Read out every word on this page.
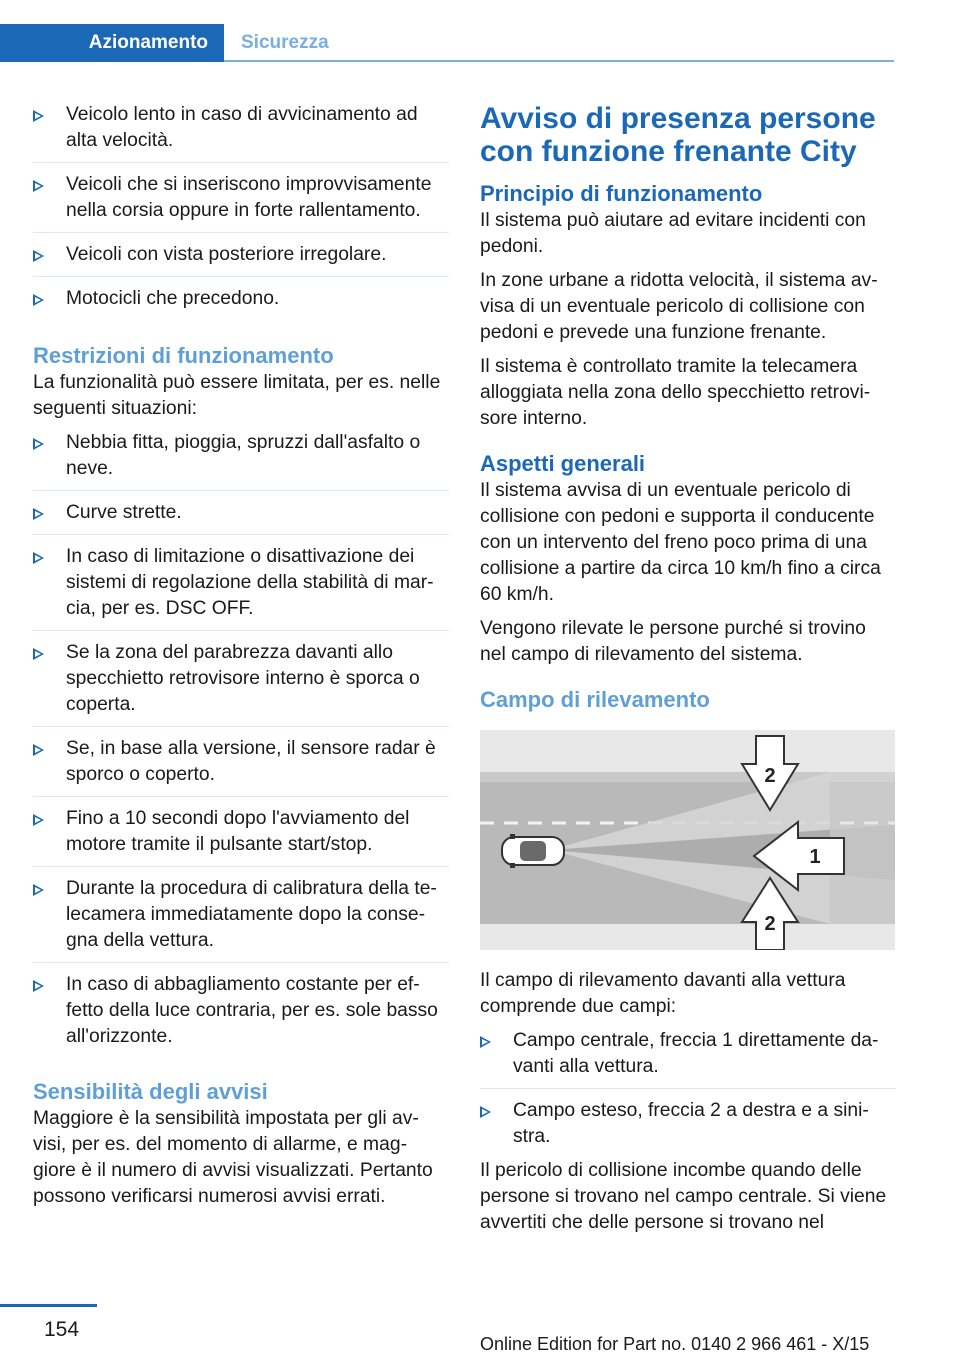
Azionamento	Sicurezza
Veicolo lento in caso di avvicinamento ad alta velocità.
Veicoli che si inseriscono improvvisamente nella corsia oppure in forte rallentamento.
Veicoli con vista posteriore irregolare.
Motocicli che precedono.
Restrizioni di funzionamento

La funzionalità può essere limitata, per es. nelle seguenti situazioni:

Nebbia fitta, pioggia, spruzzi dall'asfalto o neve.
Curve strette.
In caso di limitazione o disattivazione dei sistemi di regolazione della stabilità di mar-cia, per es. DSC OFF.
Se la zona del parabrezza davanti allo specchietto retrovisore interno è sporca o coperta.
Se, in base alla versione, il sensore radar è sporco o coperto.
Fino a 10 secondi dopo l'avviamento del motore tramite il pulsante start/stop.
Durante la procedura di calibratura della te-lecamera immediatamente dopo la conse-gna della vettura.
In caso di abbagliamento costante per ef-fetto della luce contraria, per es. sole basso all'orizzonte.
Sensibilità degli avvisi

Maggiore è la sensibilità impostata per gli av-visi, per es. del momento di allarme, e mag-giore è il numero di avvisi visualizzati. Pertanto possono verificarsi numerosi avvisi errati.

Avviso di presenza persone con funzione frenante City
Principio di funzionamento

Il sistema può aiutare ad evitare incidenti con pedoni.

In zone urbane a ridotta velocità, il sistema av-visa di un eventuale pericolo di collisione con pedoni e prevede una funzione frenante.

Il sistema è controllato tramite la telecamera alloggiata nella zona dello specchietto retrovi-sore interno.

Aspetti generali

Il sistema avvisa di un eventuale pericolo di collisione con pedoni e supporta il conducente con un intervento del freno poco prima di una collisione a partire da circa 10 km/h fino a circa 60 km/h.

Vengono rilevate le persone purché si trovino nel campo di rilevamento del sistema.

Campo di rilevamento
2
1
2

Il campo di rilevamento davanti alla vettura comprende due campi:

Campo centrale, freccia 1 direttamente da-vanti alla vettura.
Campo esteso, freccia 2 a destra e a sini-stra.

Il pericolo di collisione incombe quando delle persone si trovano nel campo centrale. Si viene avvertiti che delle persone si trovano nel

154
Online Edition for Part no. 0140 2 966 461 - X/15
